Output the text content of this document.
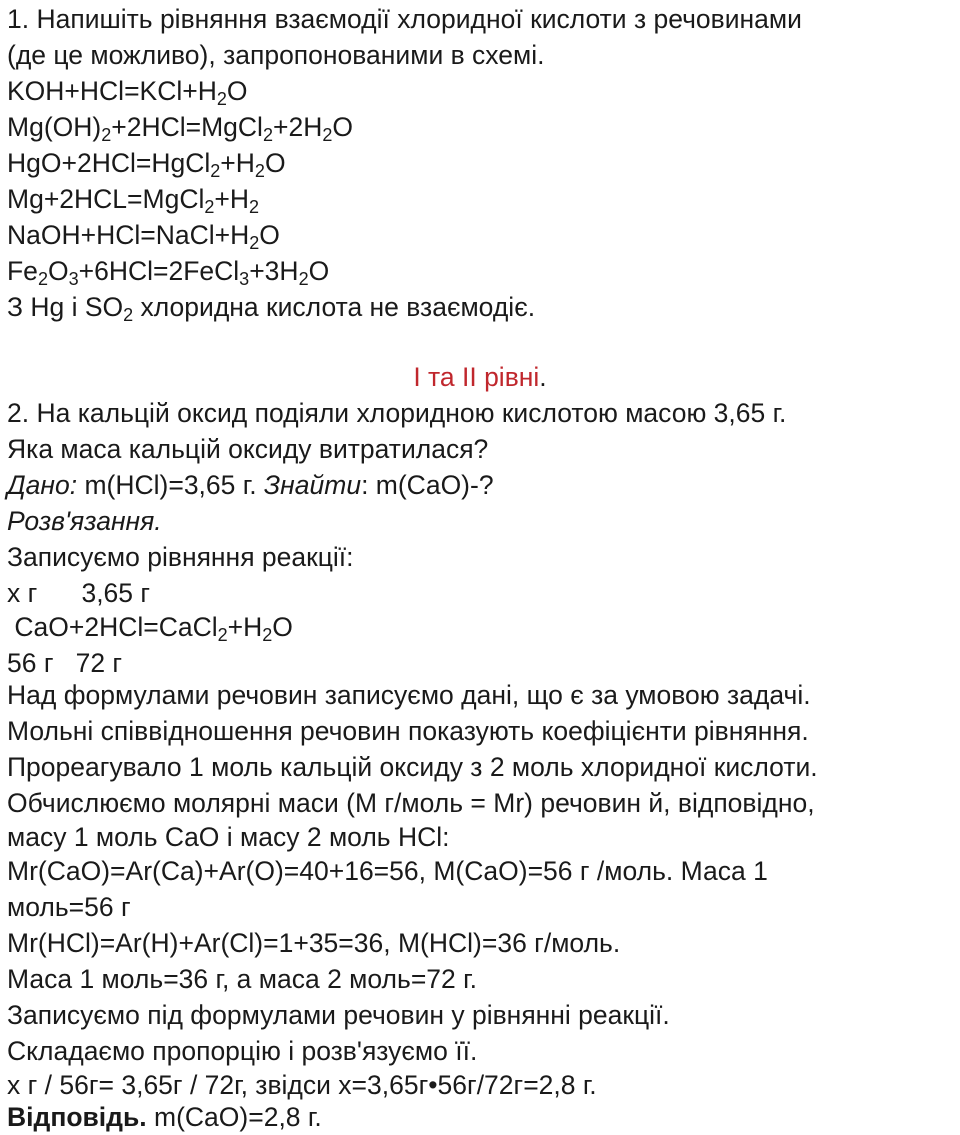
1. Напишіть рівняння взаємодії хлоридної кислоти з речовинами
(де це можливо), запропонованими в схемі.
$KOH+HCl=KCl+H_2O$
$Mg(OH)_2+2HCl=MgCl_2+2H_2O$
$HgO+2HCl=HgCl_2+H_2O$
$Mg+2HCL=MgCl_2+H_2$
$NaOH+HCl=NaCl+H_2O$
$Fe_2O_3+6HCl=2FeCl_3+3H_2O$
З Hg і $SO_2$ хлоридна кислота не взаємодіє.
І та ІІ рівні.
2. На кальцій оксид подіяли хлоридною кислотою масою 3,65 г.
Яка маса кальцій оксиду витратилася?
Дано: m(HCl)=3,65 г. Знайти: m(CaO)-?
Розв'язання.
Записуємо рівняння реакції:
х г      3,65 г
$CaO+2HCl=CaCl_2+H_2O$
56 г   72 г
Над формулами речовин записуємо дані, що є за умовою задачі.
Мольні співвідношення речовин показують коефіцієнти рівняння.
Прореагувало 1 моль кальцій оксиду з 2 моль хлоридної кислоти.
Обчислюємо молярні маси (M г/моль = Mr) речовин й, відповідно,
масу 1 моль CaO і масу 2 моль HCl:
Mr(CaO)=Ar(Ca)+Ar(O)=40+16=56, M(CaO)=56 г /моль. Маса 1
моль=56 г
Mr(HCl)=Ar(H)+Ar(Cl)=1+35=36, M(HCl)=36 г/моль.
Маса 1 моль=36 г, а маса 2 моль=72 г.
Записуємо під формулами речовин у рівнянні реакції.
Складаємо пропорцію і розв'язуємо її.
х г / 56г= 3,65г / 72г, звідси х=3,65г•56г/72г=2,8 г.
Відповідь. m(CaO)=2,8 г.
